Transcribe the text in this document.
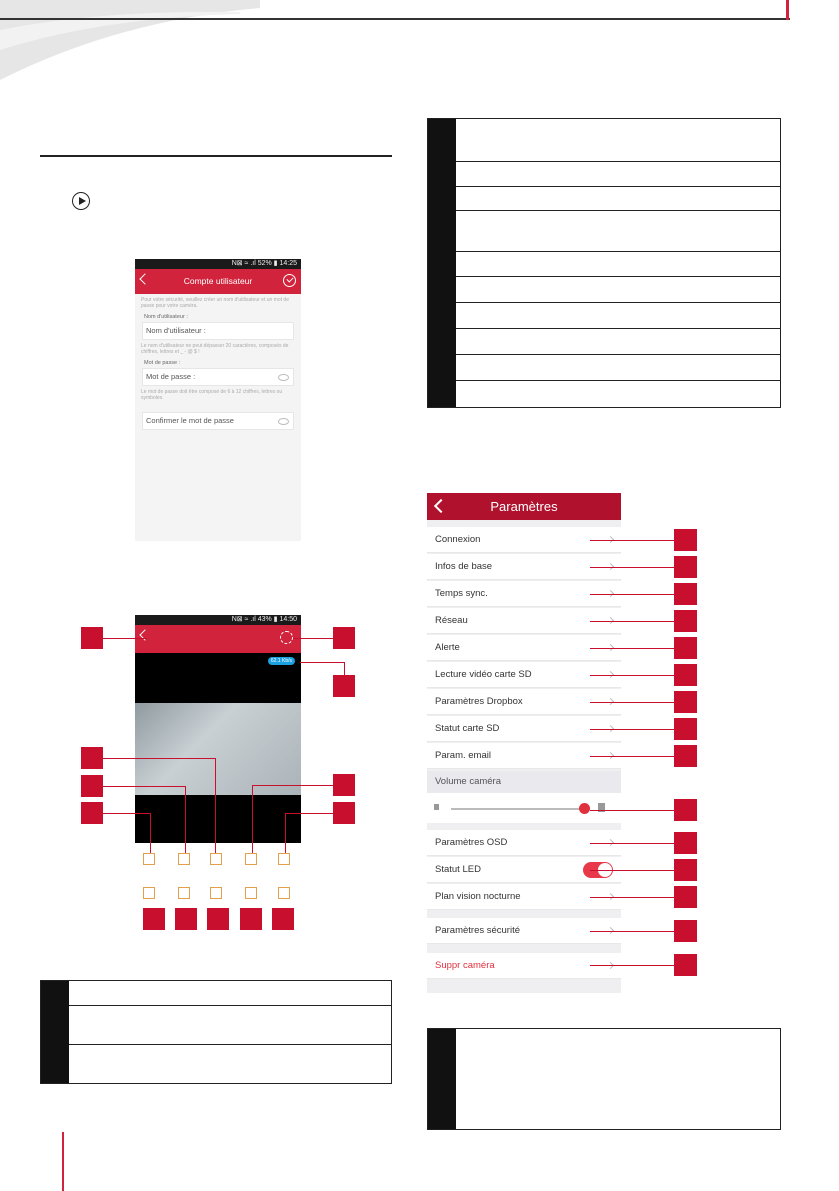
N⊠ ≈ .ıl 52% ▮ 14:25
Compte utilisateur
Pour votre sécurité, veuillez créer un nom d'utilisateur et un mot de passe pour votre caméra.
Nom d'utilisateur :
Nom d'utilisateur :
Le nom d'utilisateur ne peut dépasser 20 caractères, composés de chiffres, lettres et _ - @ $ !
Mot de passe :
Mot de passe :
Le mot de passe doit être composé de 6 à 12 chiffres, lettres ou symboles.
Confirmer le mot de passe
N⊠ ≈ .ıl 43% ▮ 14:50
62.1 Kb/s
Paramètres
Connexion
Infos de base
Temps sync.
Réseau
Alerte
Lecture vidéo carte SD
Paramètres Dropbox
Statut carte SD
Param. email
Volume caméra
Paramètres OSD
Statut LED
Plan vision nocturne
Paramètres sécurité
Suppr caméra
